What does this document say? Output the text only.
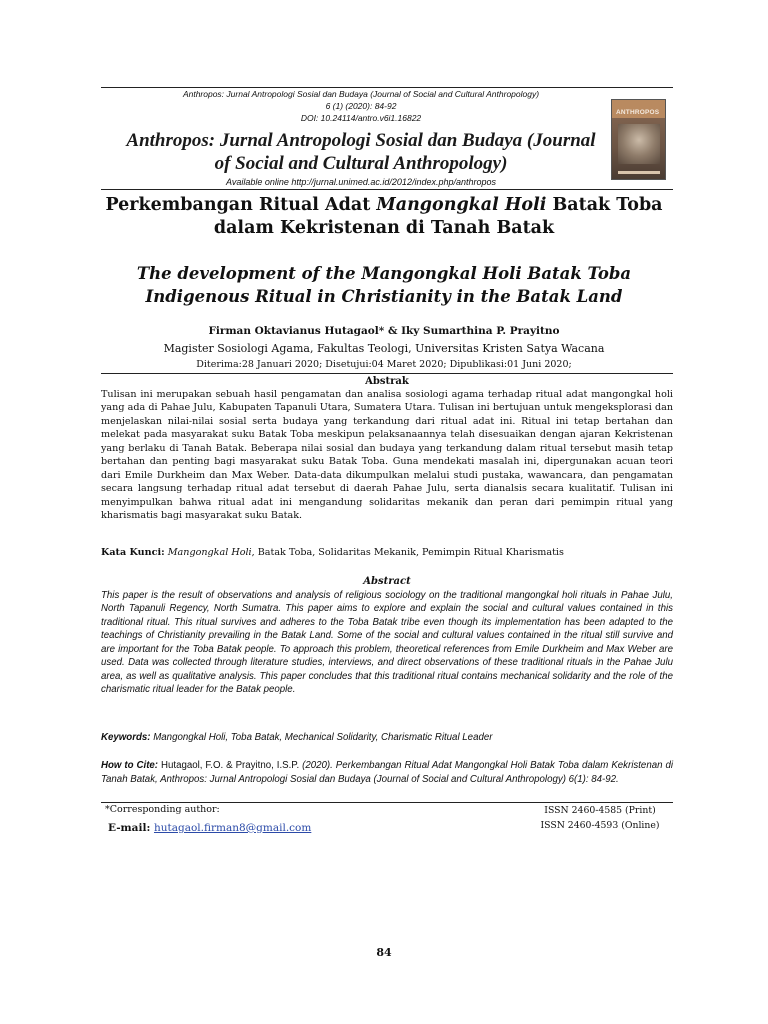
Anthropos: Jurnal Antropologi Sosial dan Budaya (Journal of Social and Cultural Anthropology)
6 (1) (2020): 84-92
DOI: 10.24114/antro.v6i1.16822
Anthropos: Jurnal Antropologi Sosial dan Budaya (Journal
of Social and Cultural Anthropology)
Available online http://jurnal.unimed.ac.id/2012/index.php/anthropos
ANTHROPOS
Perkembangan Ritual Adat Mangongkal Holi Batak Toba
dalam Kekristenan di Tanah Batak
The development of the Mangongkal Holi Batak Toba
Indigenous Ritual in Christianity in the Batak Land
Firman Oktavianus Hutagaol* & Iky Sumarthina P. Prayitno
Magister Sosiologi Agama, Fakultas Teologi, Universitas Kristen Satya Wacana
Diterima:28 Januari 2020; Disetujui:04 Maret 2020; Dipublikasi:01 Juni 2020;
Abstrak
Tulisan ini merupakan sebuah hasil pengamatan dan analisa sosiologi agama terhadap ritual adat mangongkal holi yang ada di Pahae Julu, Kabupaten Tapanuli Utara, Sumatera Utara. Tulisan ini bertujuan untuk mengeksplorasi dan menjelaskan nilai-nilai sosial serta budaya yang terkandung dari ritual adat ini. Ritual ini tetap bertahan dan melekat pada masyarakat suku Batak Toba meskipun pelaksanaannya telah disesuaikan dengan ajaran Kekristenan yang berlaku di Tanah Batak. Beberapa nilai sosial dan budaya yang terkandung dalam ritual tersebut masih tetap bertahan dan penting bagi masyarakat suku Batak Toba. Guna mendekati masalah ini, dipergunakan acuan teori dari Emile Durkheim dan Max Weber. Data-data dikumpulkan melalui studi pustaka, wawancara, dan pengamatan secara langsung terhadap ritual adat tersebut di daerah Pahae Julu, serta dianalsis secara kualitatif. Tulisan ini menyimpulkan bahwa ritual adat ini mengandung solidaritas mekanik dan peran dari pemimpin ritual yang kharismatis bagi masyarakat suku Batak.
Kata Kunci: Mangongkal Holi, Batak Toba, Solidaritas Mekanik, Pemimpin Ritual Kharismatis
Abstract
This paper is the result of observations and analysis of religious sociology on the traditional mangongkal holi rituals in Pahae Julu, North Tapanuli Regency, North Sumatra. This paper aims to explore and explain the social and cultural values contained in this traditional ritual. This ritual survives and adheres to the Toba Batak tribe even though its implementation has been adapted to the teachings of Christianity prevailing in the Batak Land. Some of the social and cultural values contained in the ritual still survive and are important for the Toba Batak people. To approach this problem, theoretical references from Emile Durkheim and Max Weber are used. Data was collected through literature studies, interviews, and direct observations of these traditional rituals in the Pahae Julu area, as well as qualitative analysis. This paper concludes that this traditional ritual contains mechanical solidarity and the role of the charismatic ritual leader for the Batak people.
Keywords: Mangongkal Holi, Toba Batak, Mechanical Solidarity, Charismatic Ritual Leader
How to Cite: Hutagaol, F.O. & Prayitno, I.S.P. (2020). Perkembangan Ritual Adat Mangongkal Holi Batak Toba dalam Kekristenan di Tanah Batak, Anthropos: Jurnal Antropologi Sosial dan Budaya (Journal of Social and Cultural Anthropology) 6(1): 84-92.
*Corresponding author:
E-mail: hutagaol.firman8@gmail.com
ISSN 2460-4585 (Print)
ISSN 2460-4593 (Online)
84
